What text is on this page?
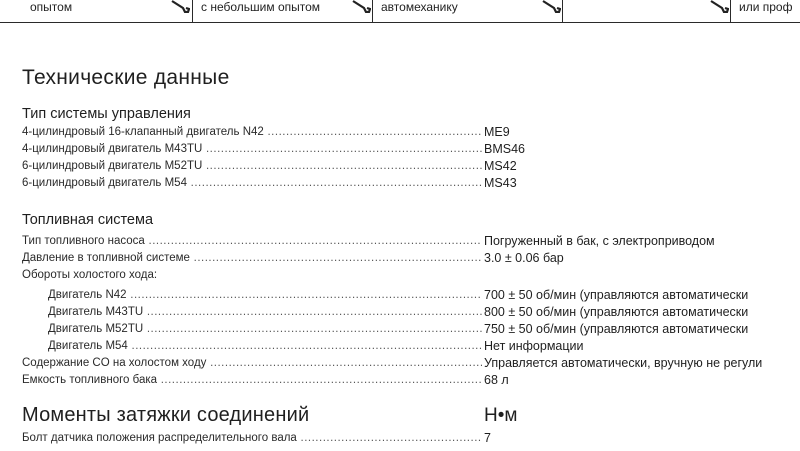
опытом	с небольшим опытом	автомеханику	или проф
Технические данные
Тип системы управления
4-цилиндровый 16-клапанный двигатель N42 .....	ME9
4-цилиндровый двигатель M43TU .....	BMS46
6-цилиндровый двигатель M52TU .....	MS42
6-цилиндровый двигатель M54 .....	MS43
Топливная система
Тип топливного насоса .....	Погруженный в бак, с электроприводом
Давление в топливной системе .....	3.0 ± 0.06 бар
Обороты холостого хода:
Двигатель N42 .....	700 ± 50 об/мин (управляются автоматически
Двигатель M43TU .....	800 ± 50 об/мин (управляются автоматически
Двигатель M52TU .....	750 ± 50 об/мин (управляются автоматически
Двигатель M54 .....	Нет информации
Содержание CO на холостом ходу .....	Управляется автоматически, вручную не регули
Емкость топливного бака .....	68 л
Моменты затяжки соединений	Н•м
Болт датчика положения распределительного вала .....	7
